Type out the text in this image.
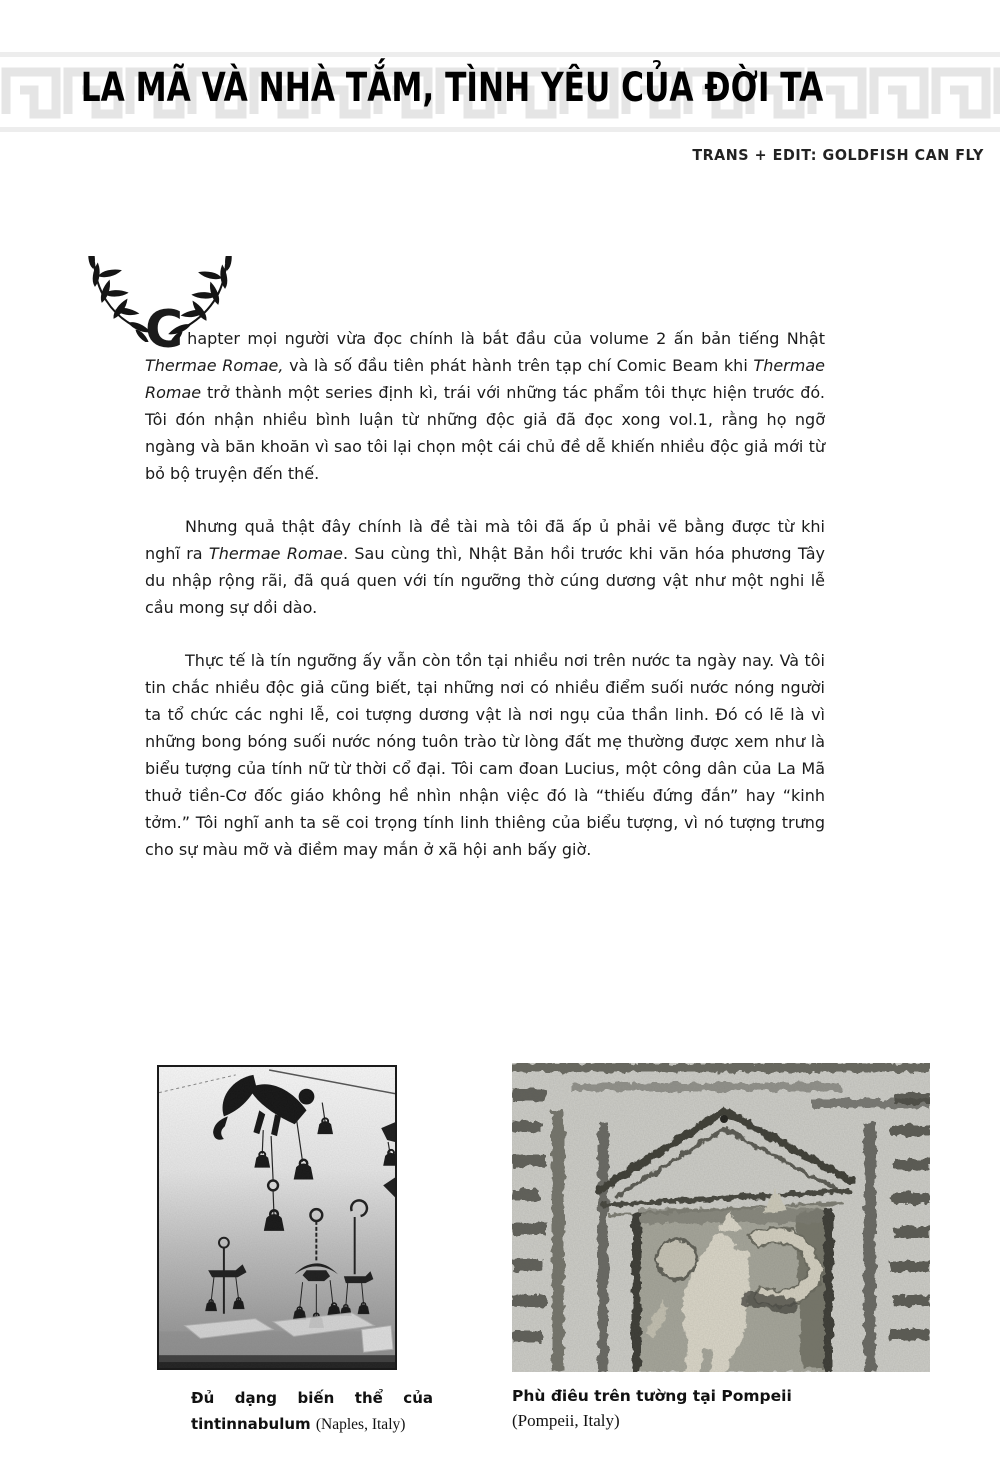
LA MÃ VÀ NHÀ TẮM, TÌNH YÊU CỦA ĐỜI TA
TRANS + EDIT: GOLDFISH CAN FLY

Chapter mọi người vừa đọc chính là bắt đầu của volume 2 ấn bản tiếng Nhật Thermae Romae, và là số đầu tiên phát hành trên tạp chí Comic Beam khi Thermae Romae trở thành một series định kì, trái với những tác phẩm tôi thực hiện trước đó. Tôi đón nhận nhiều bình luận từ những độc giả đã đọc xong vol.1, rằng họ ngỡ ngàng và băn khoăn vì sao tôi lại chọn một cái chủ đề dễ khiến nhiều độc giả mới từ bỏ bộ truyện đến thế.

Nhưng quả thật đây chính là đề tài mà tôi đã ấp ủ phải vẽ bằng được từ khi nghĩ ra Thermae Romae. Sau cùng thì, Nhật Bản hồi trước khi văn hóa phương Tây du nhập rộng rãi, đã quá quen với tín ngưỡng thờ cúng dương vật như một nghi lễ cầu mong sự dồi dào.

Thực tế là tín ngưỡng ấy vẫn còn tồn tại nhiều nơi trên nước ta ngày nay. Và tôi tin chắc nhiều độc giả cũng biết, tại những nơi có nhiều điểm suối nước nóng người ta tổ chức các nghi lễ, coi tượng dương vật là nơi ngụ của thần linh. Đó có lẽ là vì những bong bóng suối nước nóng tuôn trào từ lòng đất mẹ thường được xem như là biểu tượng của tính nữ từ thời cổ đại. Tôi cam đoan Lucius, một công dân của La Mã thuở tiền-Cơ đốc giáo không hề nhìn nhận việc đó là “thiếu đứng đắn” hay “kinh tởm.” Tôi nghĩ anh ta sẽ coi trọng tính linh thiêng của biểu tượng, vì nó tượng trưng cho sự màu mỡ và điềm may mắn ở xã hội anh bấy giờ.

Đủ dạng biến thể của tintinnabulum (Naples, Italy)
Phù điêu trên tường tại Pompeii
(Pompeii, Italy)
